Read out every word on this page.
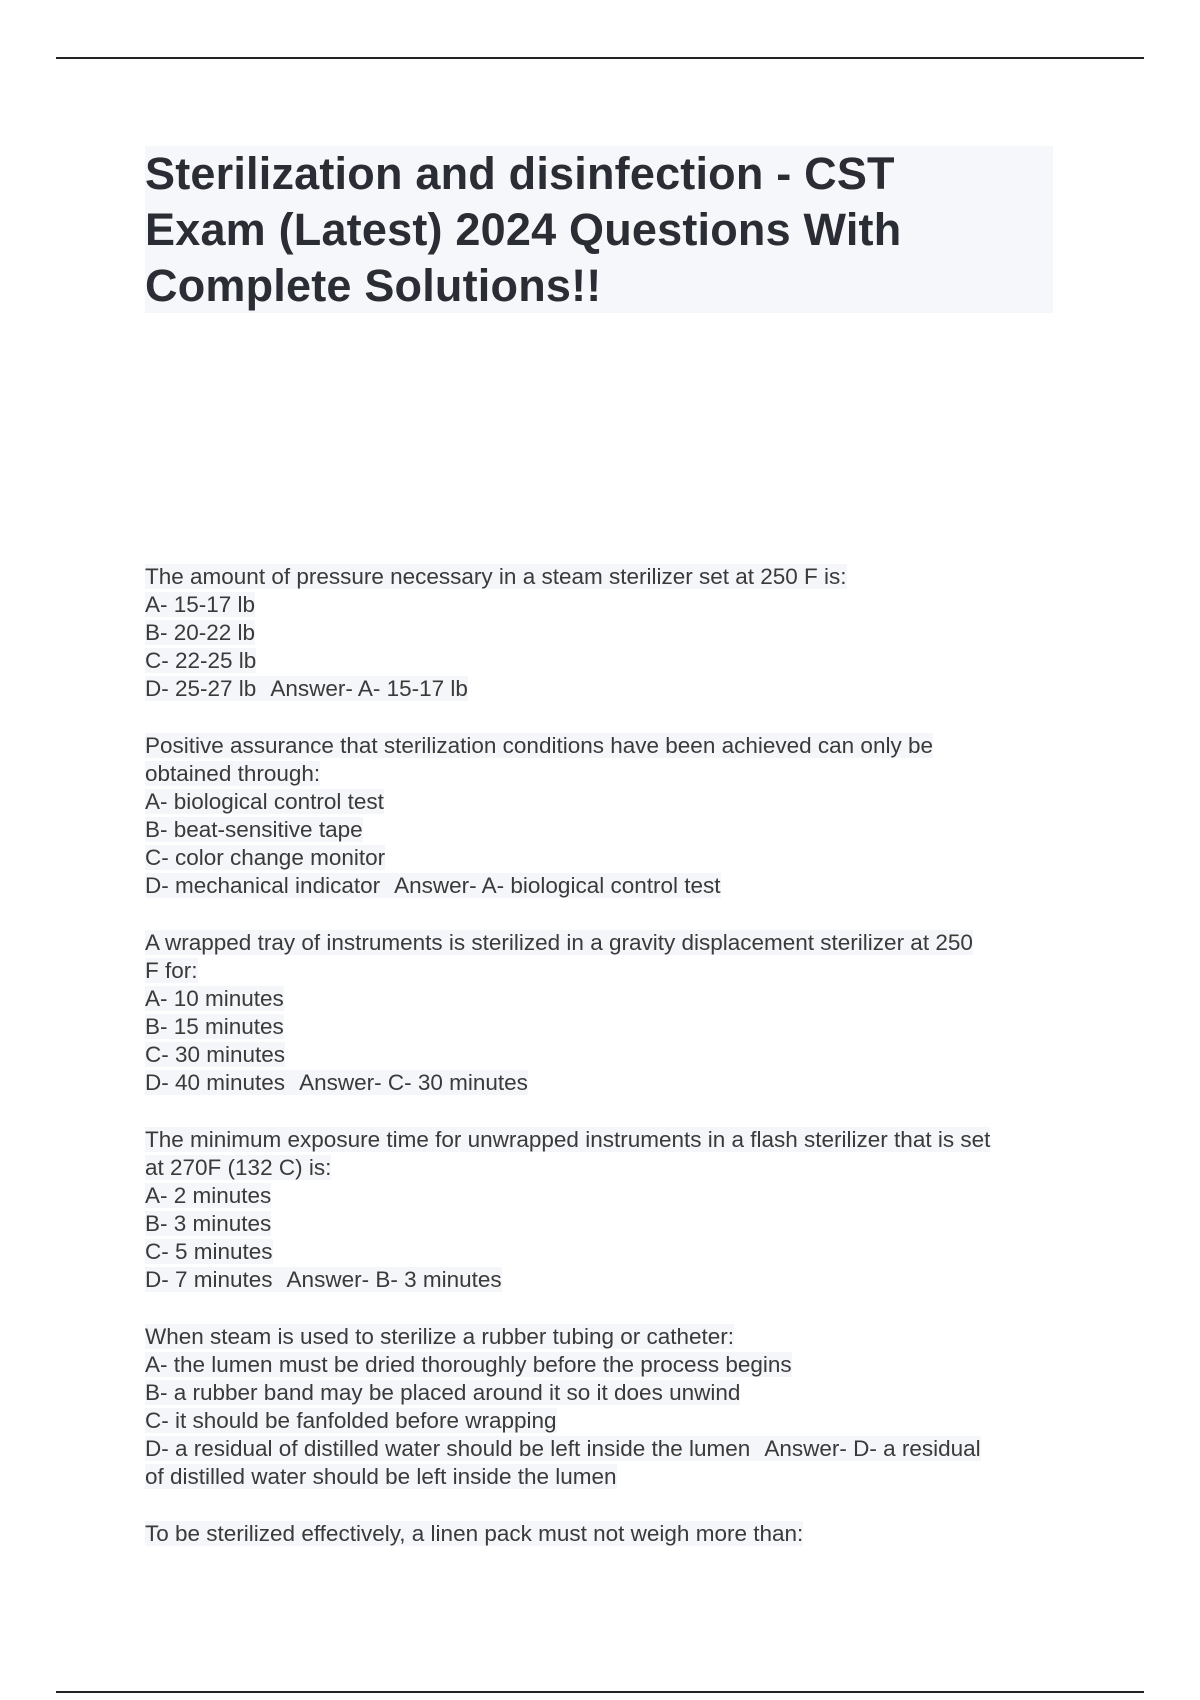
Sterilization and disinfection - CST
Exam (Latest) 2024 Questions With
Complete Solutions!!
The amount of pressure necessary in a steam sterilizer set at 250 F is:
A- 15-17 lb
B- 20-22 lb
C- 22-25 lb
D- 25-27 lb Answer- A- 15-17 lb
Positive assurance that sterilization conditions have been achieved can only be
obtained through:
A- biological control test
B- beat-sensitive tape
C- color change monitor
D- mechanical indicator Answer- A- biological control test
A wrapped tray of instruments is sterilized in a gravity displacement sterilizer at 250
F for:
A- 10 minutes
B- 15 minutes
C- 30 minutes
D- 40 minutes Answer- C- 30 minutes
The minimum exposure time for unwrapped instruments in a flash sterilizer that is set
at 270F (132 C) is:
A- 2 minutes
B- 3 minutes
C- 5 minutes
D- 7 minutes Answer- B- 3 minutes
When steam is used to sterilize a rubber tubing or catheter:
A- the lumen must be dried thoroughly before the process begins
B- a rubber band may be placed around it so it does unwind
C- it should be fanfolded before wrapping
D- a residual of distilled water should be left inside the lumen Answer- D- a residual
of distilled water should be left inside the lumen
To be sterilized effectively, a linen pack must not weigh more than:
